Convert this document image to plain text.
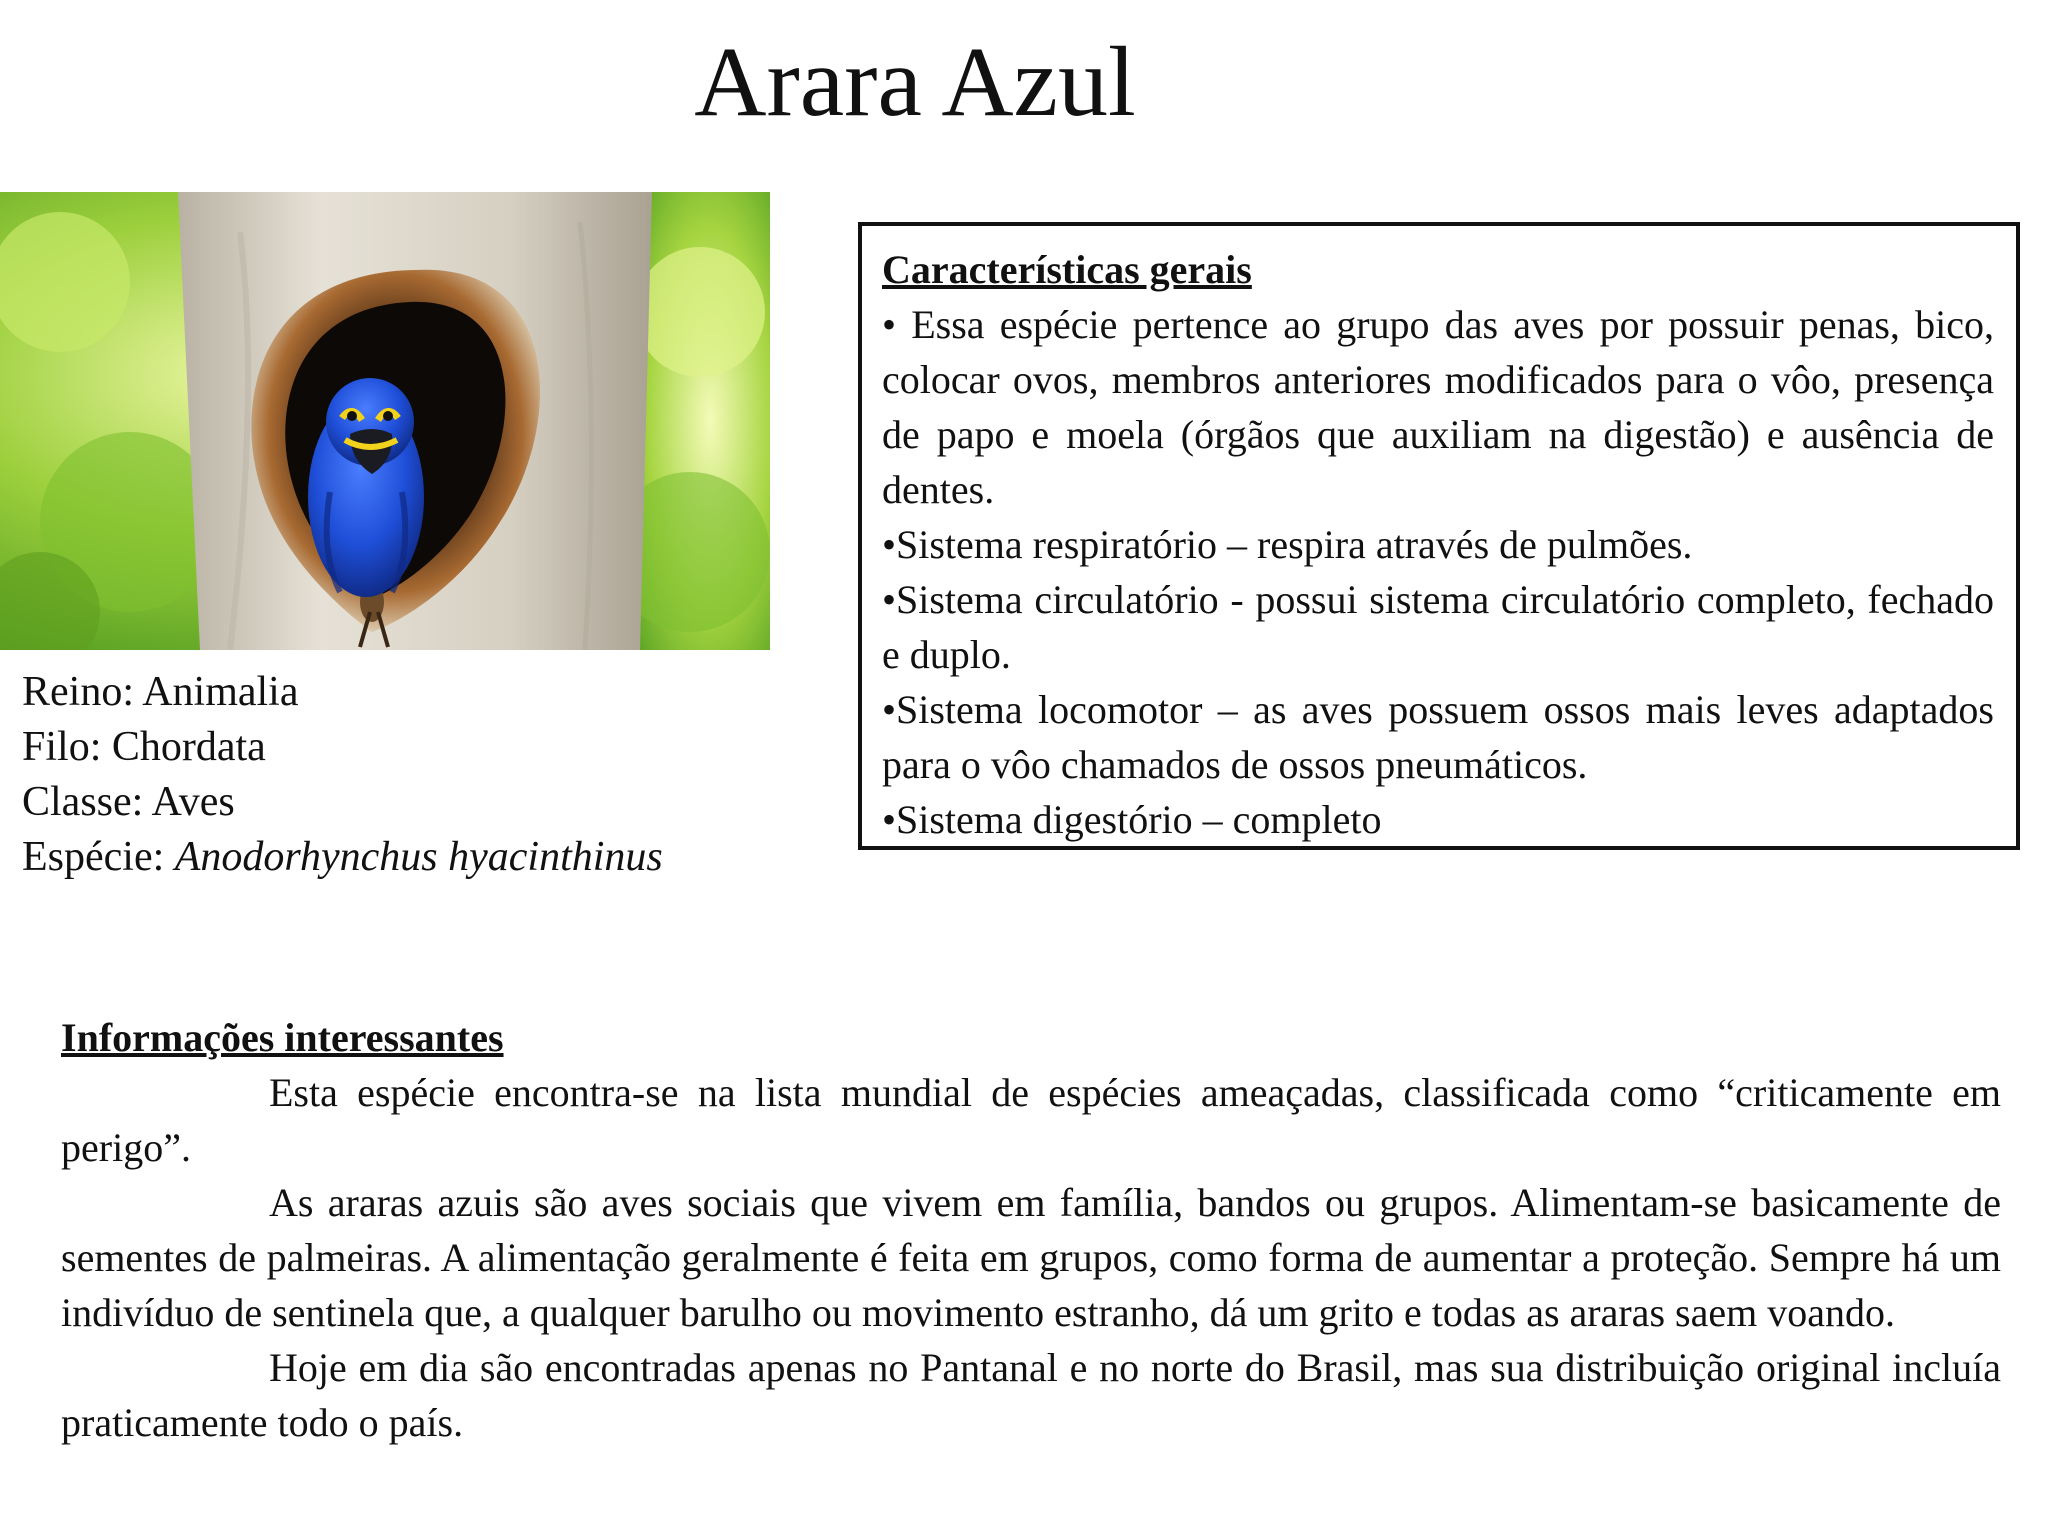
Arara Azul
Reino: Animalia
Filo: Chordata
Classe: Aves
Espécie: Anodorhynchus hyacinthinus
Características gerais
• Essa espécie pertence ao grupo das aves por possuir penas, bico, colocar ovos, membros anteriores modificados para o vôo, presença de papo e moela (órgãos que auxiliam na digestão) e ausência de dentes.
•Sistema respiratório – respira através de pulmões.
•Sistema circulatório - possui sistema circulatório completo, fechado e duplo.
•Sistema locomotor – as aves possuem ossos mais leves adaptados para o vôo chamados de ossos pneumáticos.
•Sistema digestório – completo
Informações interessantes

Esta espécie encontra-se na lista mundial de espécies ameaçadas, classificada como “criticamente em perigo”.

As araras azuis são aves sociais que vivem em família, bandos ou grupos. Alimentam-se basicamente de sementes de palmeiras. A alimentação geralmente é feita em grupos, como forma de aumentar a proteção. Sempre há um indivíduo de sentinela que, a qualquer barulho ou movimento estranho, dá um grito e todas as araras saem voando.

Hoje em dia são encontradas apenas no Pantanal e no norte do Brasil, mas sua distribuição original incluía praticamente todo o país.
